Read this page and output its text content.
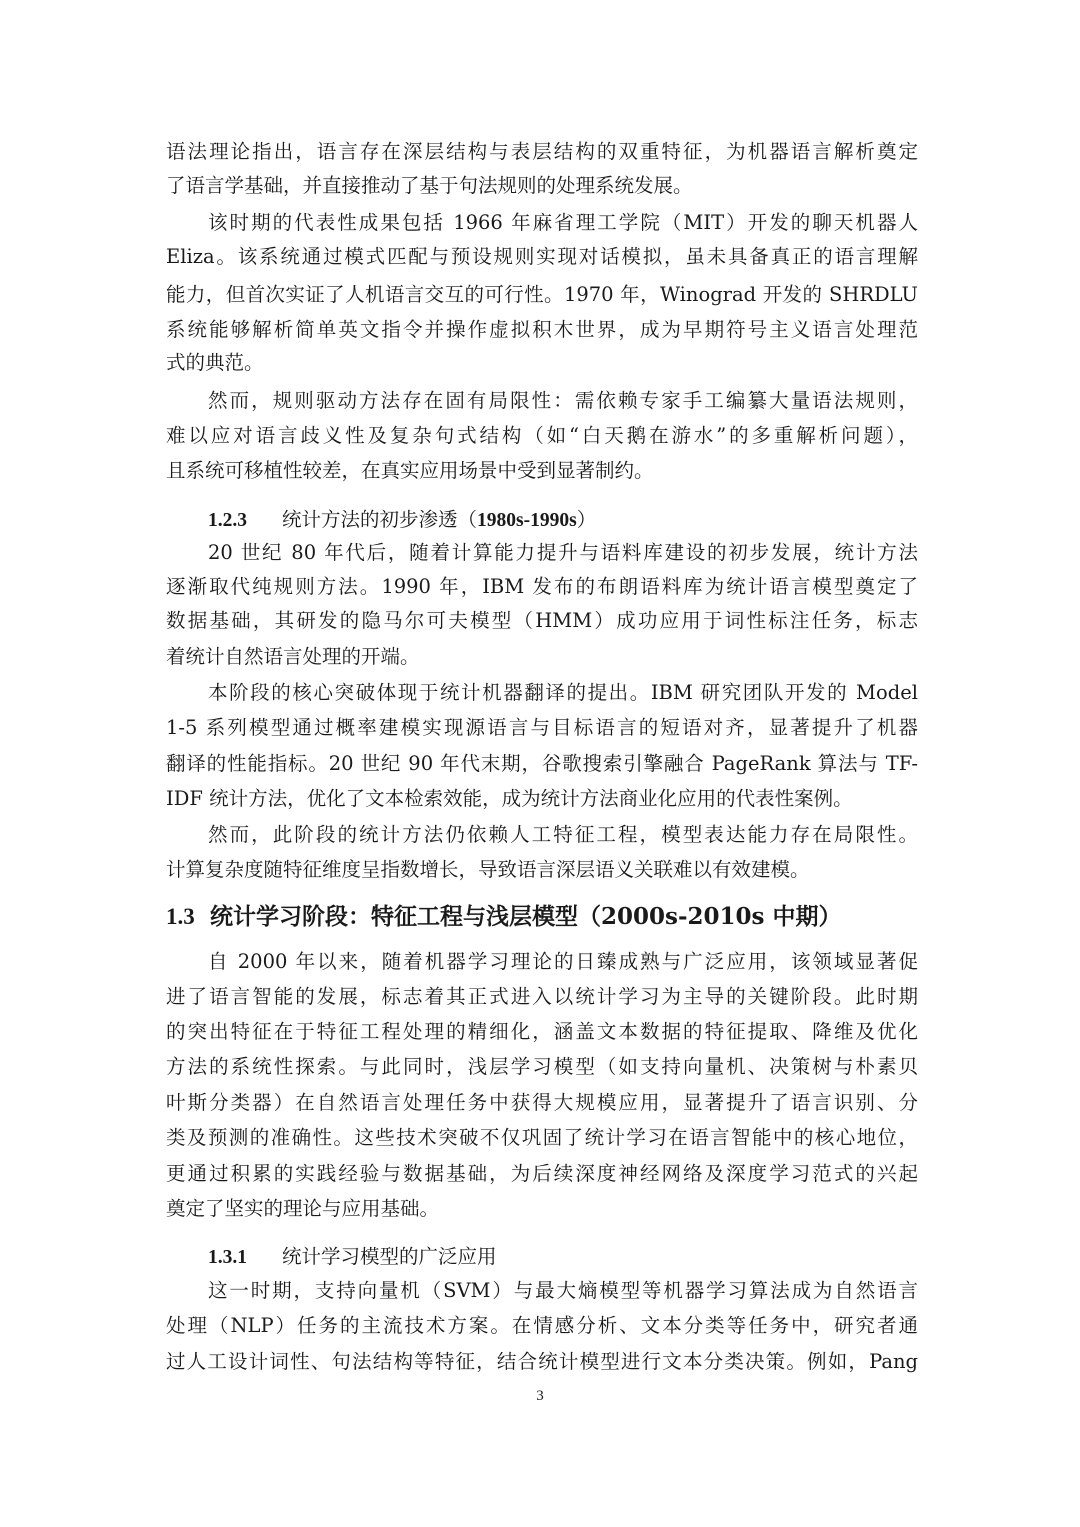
语法理论指出，语言存在深层结构与表层结构的双重特征，为机器语言解析奠定
了语言学基础，并直接推动了基于句法规则的处理系统发展。
该时期的代表性成果包括 1966 年麻省理工学院（MIT）开发的聊天机器人
Eliza。该系统通过模式匹配与预设规则实现对话模拟，虽未具备真正的语言理解
能力，但首次实证了人机语言交互的可行性。1970 年，Winograd 开发的 SHRDLU
系统能够解析简单英文指令并操作虚拟积木世界，成为早期符号主义语言处理范
式的典范。
然而，规则驱动方法存在固有局限性：需依赖专家手工编纂大量语法规则，
难以应对语言歧义性及复杂句式结构（如“白天鹅在游水”的多重解析问题），
且系统可移植性较差，在真实应用场景中受到显著制约。
1.2.3 统计方法的初步渗透（1980s-1990s）
20 世纪 80 年代后，随着计算能力提升与语料库建设的初步发展，统计方法
逐渐取代纯规则方法。1990 年，IBM 发布的布朗语料库为统计语言模型奠定了
数据基础，其研发的隐马尔可夫模型（HMM）成功应用于词性标注任务，标志
着统计自然语言处理的开端。
本阶段的核心突破体现于统计机器翻译的提出。IBM 研究团队开发的 Model
1-5 系列模型通过概率建模实现源语言与目标语言的短语对齐，显著提升了机器
翻译的性能指标。20 世纪 90 年代末期，谷歌搜索引擎融合 PageRank 算法与 TF-
IDF 统计方法，优化了文本检索效能，成为统计方法商业化应用的代表性案例。
然而，此阶段的统计方法仍依赖人工特征工程，模型表达能力存在局限性。
计算复杂度随特征维度呈指数增长，导致语言深层语义关联难以有效建模。
1.3 统计学习阶段：特征工程与浅层模型（2000s-2010s 中期）
自 2000 年以来，随着机器学习理论的日臻成熟与广泛应用，该领域显著促
进了语言智能的发展，标志着其正式进入以统计学习为主导的关键阶段。此时期
的突出特征在于特征工程处理的精细化，涵盖文本数据的特征提取、降维及优化
方法的系统性探索。与此同时，浅层学习模型（如支持向量机、决策树与朴素贝
叶斯分类器）在自然语言处理任务中获得大规模应用，显著提升了语言识别、分
类及预测的准确性。这些技术突破不仅巩固了统计学习在语言智能中的核心地位，
更通过积累的实践经验与数据基础，为后续深度神经网络及深度学习范式的兴起
奠定了坚实的理论与应用基础。
1.3.1 统计学习模型的广泛应用
这一时期，支持向量机（SVM）与最大熵模型等机器学习算法成为自然语言
处理（NLP）任务的主流技术方案。在情感分析、文本分类等任务中，研究者通
过人工设计词性、句法结构等特征，结合统计模型进行文本分类决策。例如，Pang
3
